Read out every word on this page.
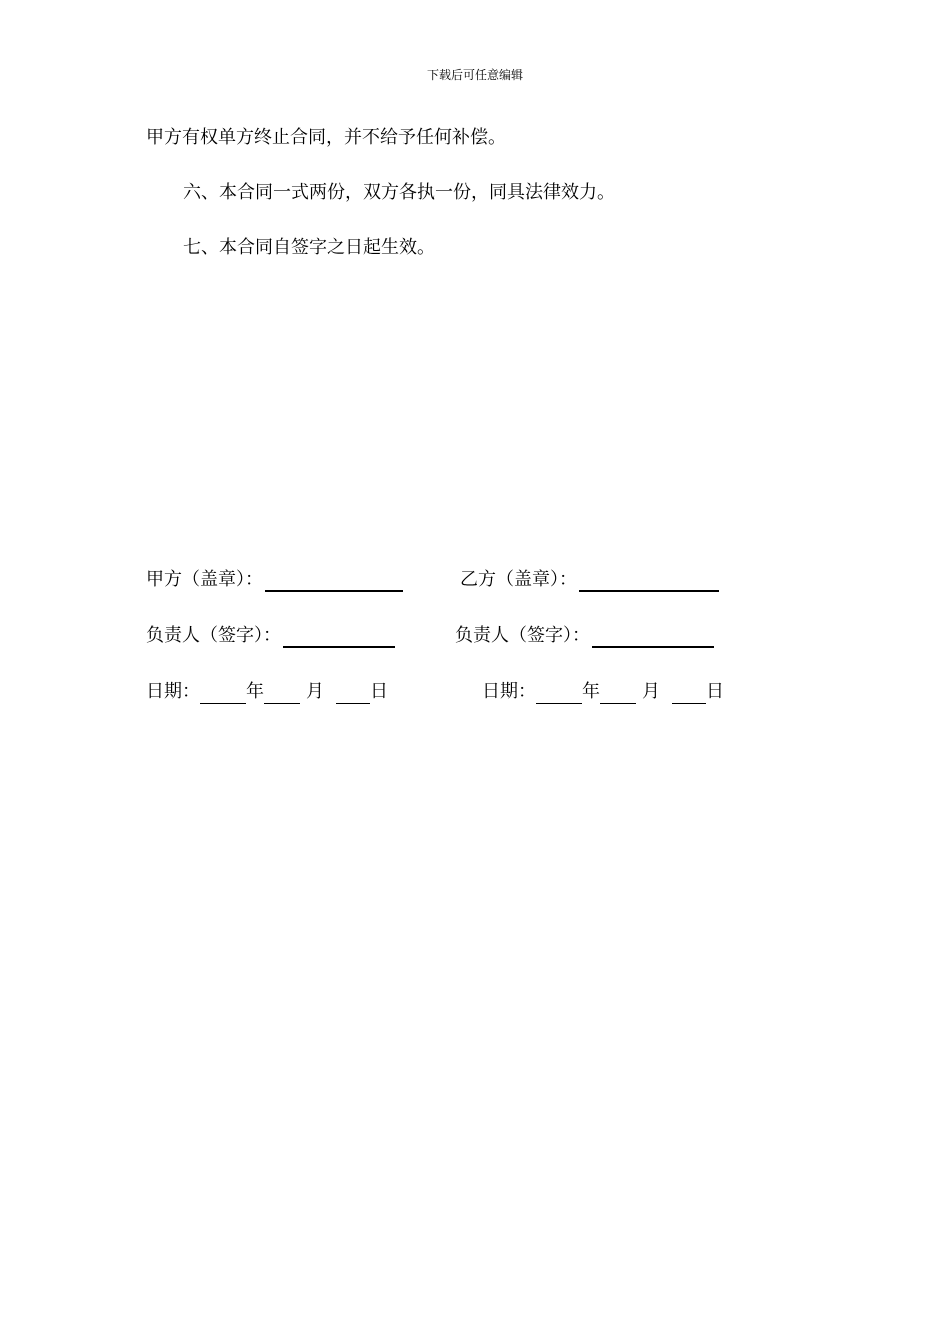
下载后可任意编辑
甲方有权单方终止合同，并不给予任何补偿。
六、本合同一式两份，双方各执一份，同具法律效力。
七、本合同自签字之日起生效。
甲方（盖章）：	乙方（盖章）：
负责人（签字）：	负责人（签字）：
日期：	年 月	日	日期：	年 月	日
